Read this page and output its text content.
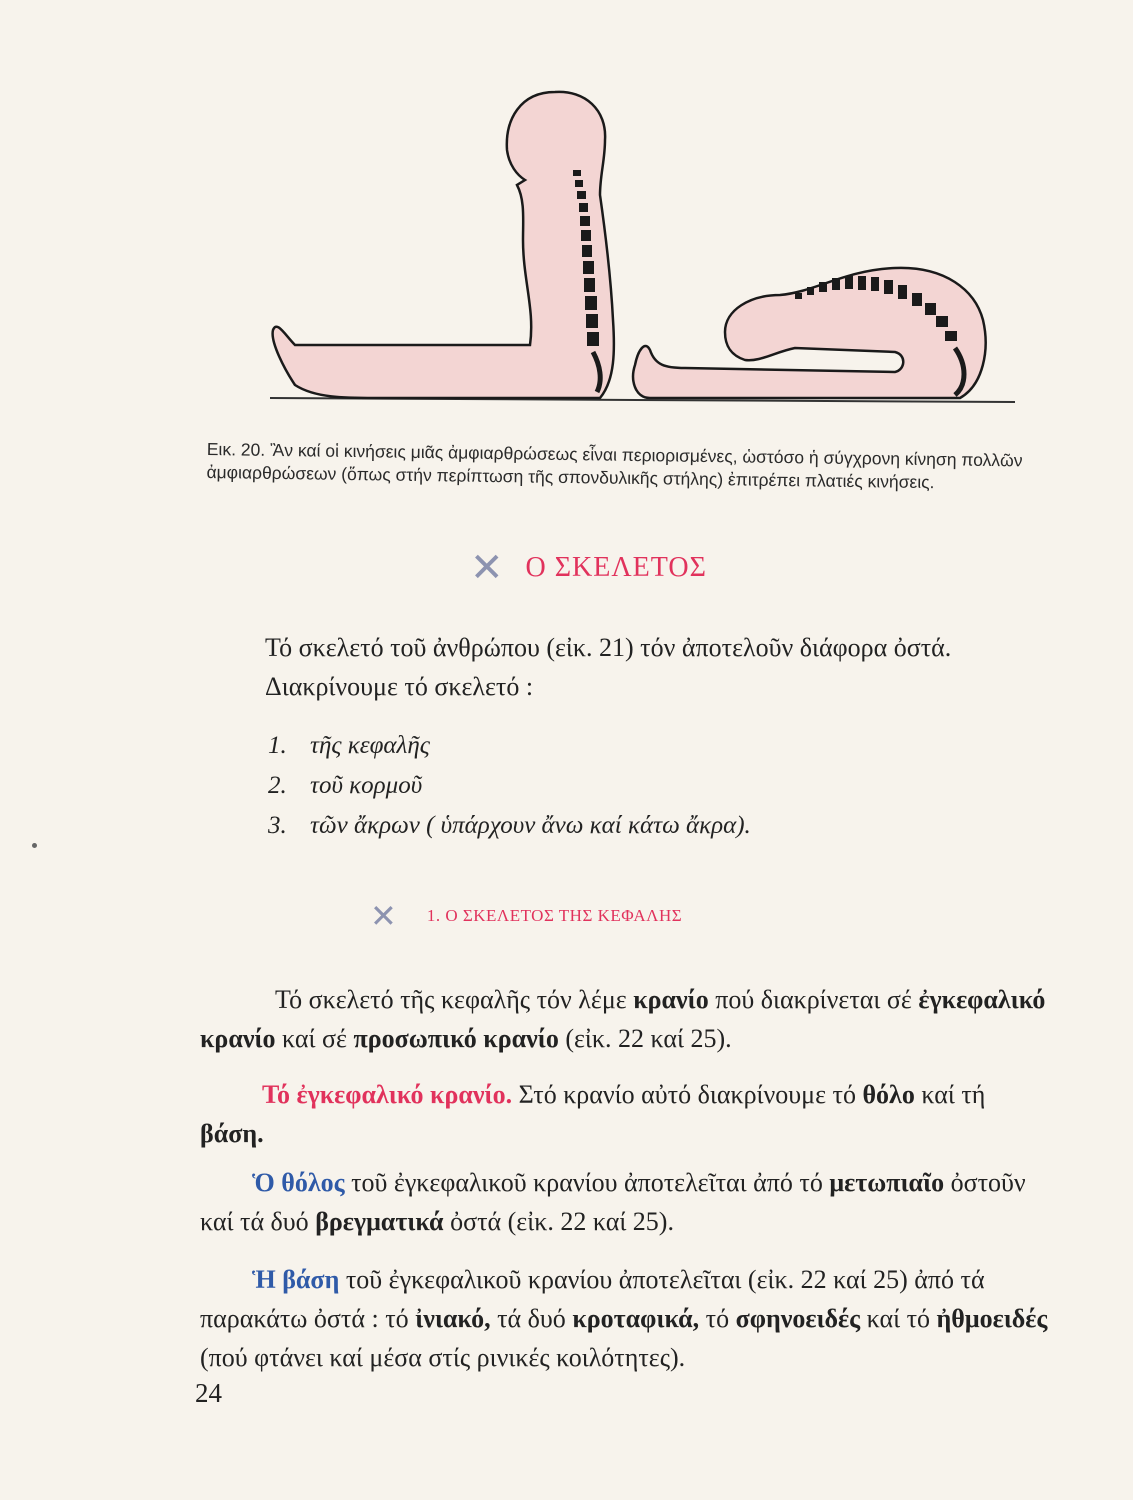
Εικ. 20. Ἂν καί οἱ κινήσεις μιᾶς ἀμφιαρθρώσεως εἶναι περιορισμένες, ὡστόσο ἡ σύγχρονη κίνηση πολλῶν ἀμφιαρθρώσεων (ὅπως στήν περίπτωση τῆς σπονδυλικῆς στήλης) ἐπιτρέπει πλατιές κινήσεις.
✕ Ο ΣΚΕΛΕΤΟΣ
Τό σκελετό τοῦ ἀνθρώπου (εἰκ. 21) τόν ἀποτελοῦν διάφορα ὀστά. Διακρίνουμε τό σκελετό :
1. τῆς κεφαλῆς
2. τοῦ κορμοῦ
3. τῶν ἄκρων ( ὑπάρχουν ἄνω καί κάτω ἄκρα).
✕ 1. Ο ΣΚΕΛΕΤΟΣ ΤΗΣ ΚΕΦΑΛΗΣ
Τό σκελετό τῆς κεφαλῆς τόν λέμε κρανίο πού διακρίνεται σέ ἐγκεφαλικό κρανίο καί σέ προσωπικό κρανίο (εἰκ. 22 καί 25).
Τό ἐγκεφαλικό κρανίο. Στό κρανίο αὐτό διακρίνουμε τό θόλο καί τή βάση.
Ὁ θόλος τοῦ ἐγκεφαλικοῦ κρανίου ἀποτελεῖται ἀπό τό μετωπιαῖο ὀστοῦν καί τά δυό βρεγματικά ὀστά (εἰκ. 22 καί 25).
Ἡ βάση τοῦ ἐγκεφαλικοῦ κρανίου ἀποτελεῖται (εἰκ. 22 καί 25) ἀπό τά παρακάτω ὀστά : τό ἰνιακό, τά δυό κροταφικά, τό σφηνοειδές καί τό ἠθμοειδές (πού φτάνει καί μέσα στίς ρινικές κοιλότητες).
24
